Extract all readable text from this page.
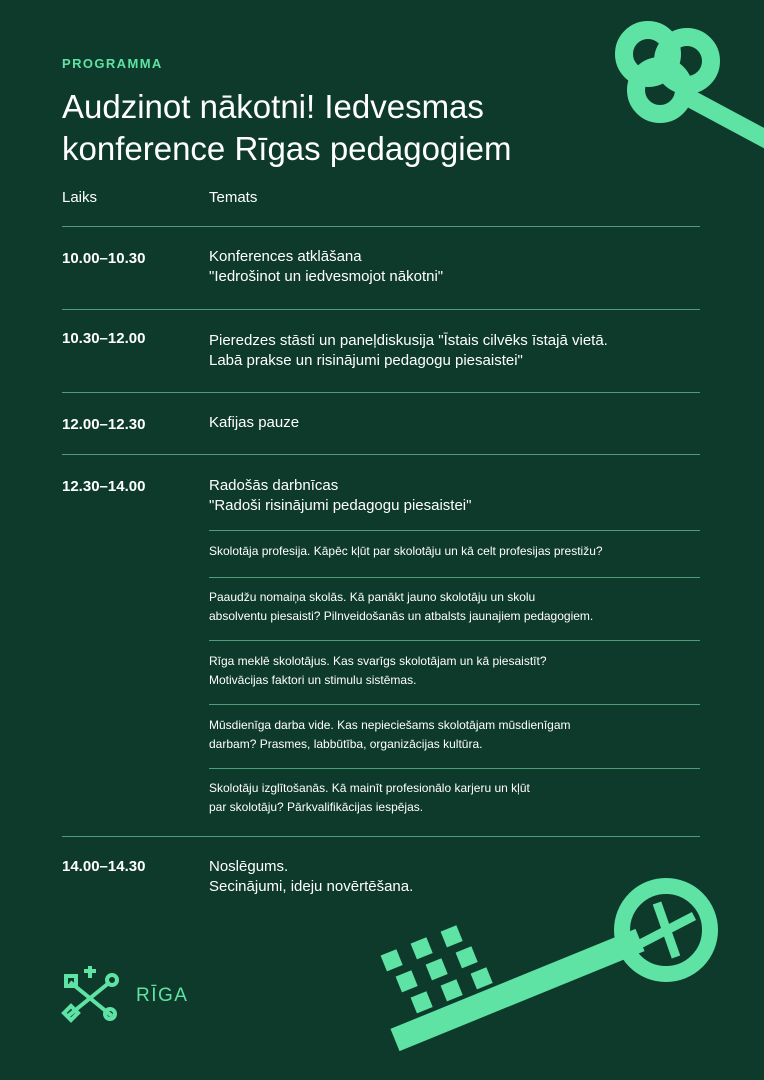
PROGRAMMA
Audzinot nākotni! Iedvesmas
konference Rīgas pedagogiem
Laiks	Temats
10.00–10.30	Konferences atklāšana
"Iedrošinot un iedvesmojot nākotni"
10.30–12.00	Pieredzes stāsti un paneļdiskusija "Īstais cilvēks īstajā vietā.
Labā prakse un risinājumi pedagogu piesaistei"
12.00–12.30	Kafijas pauze
12.30–14.00	Radošās darbnīcas
"Radoši risinājumi pedagogu piesaistei"
Skolotāja profesija. Kāpēc kļūt par skolotāju un kā celt profesijas prestižu?
Paaudžu nomaiņa skolās. Kā panākt jauno skolotāju un skolu
absolventu piesaisti? Pilnveidošanās un atbalsts jaunajiem pedagogiem.
Rīga meklē skolotājus. Kas svarīgs skolotājam un kā piesaistīt?
Motivācijas faktori un stimulu sistēmas.
Mūsdienīga darba vide. Kas nepieciešams skolotājam mūsdienīgam
darbam? Prasmes, labbūtība, organizācijas kultūra.
Skolotāju izglītošanās. Kā mainīt profesionālo karjeru un kļūt
par skolotāju? Pārkvalifikācijas iespējas.
14.00–14.30	Noslēgums.
Secinājumi, ideju novērtēšana.
RĪGA
